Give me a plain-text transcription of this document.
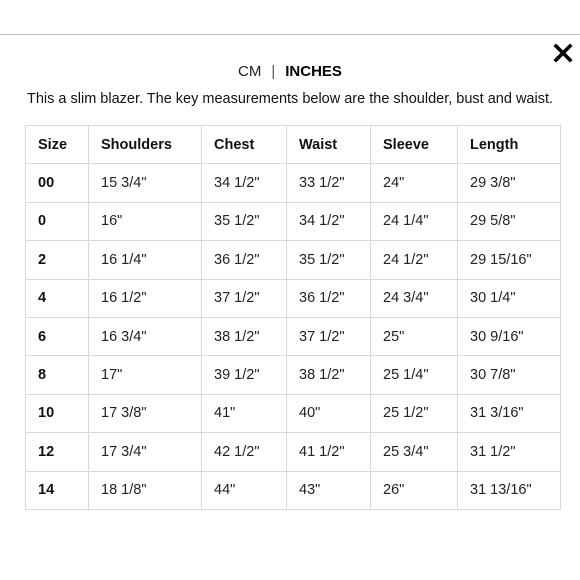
CM | INCHES
This a slim blazer. The key measurements below are the shoulder, bust and waist.
Size	Shoulders	Chest	Waist	Sleeve	Length
00	15 3/4"	34 1/2"	33 1/2"	24"	29 3/8"
0	16"	35 1/2"	34 1/2"	24 1/4"	29 5/8"
2	16 1/4"	36 1/2"	35 1/2"	24 1/2"	29 15/16"
4	16 1/2"	37 1/2"	36 1/2"	24 3/4"	30 1/4"
6	16 3/4"	38 1/2"	37 1/2"	25"	30 9/16"
8	17"	39 1/2"	38 1/2"	25 1/4"	30 7/8"
10	17 3/8"	41"	40"	25 1/2"	31 3/16"
12	17 3/4"	42 1/2"	41 1/2"	25 3/4"	31 1/2"
14	18 1/8"	44"	43"	26"	31 13/16"
